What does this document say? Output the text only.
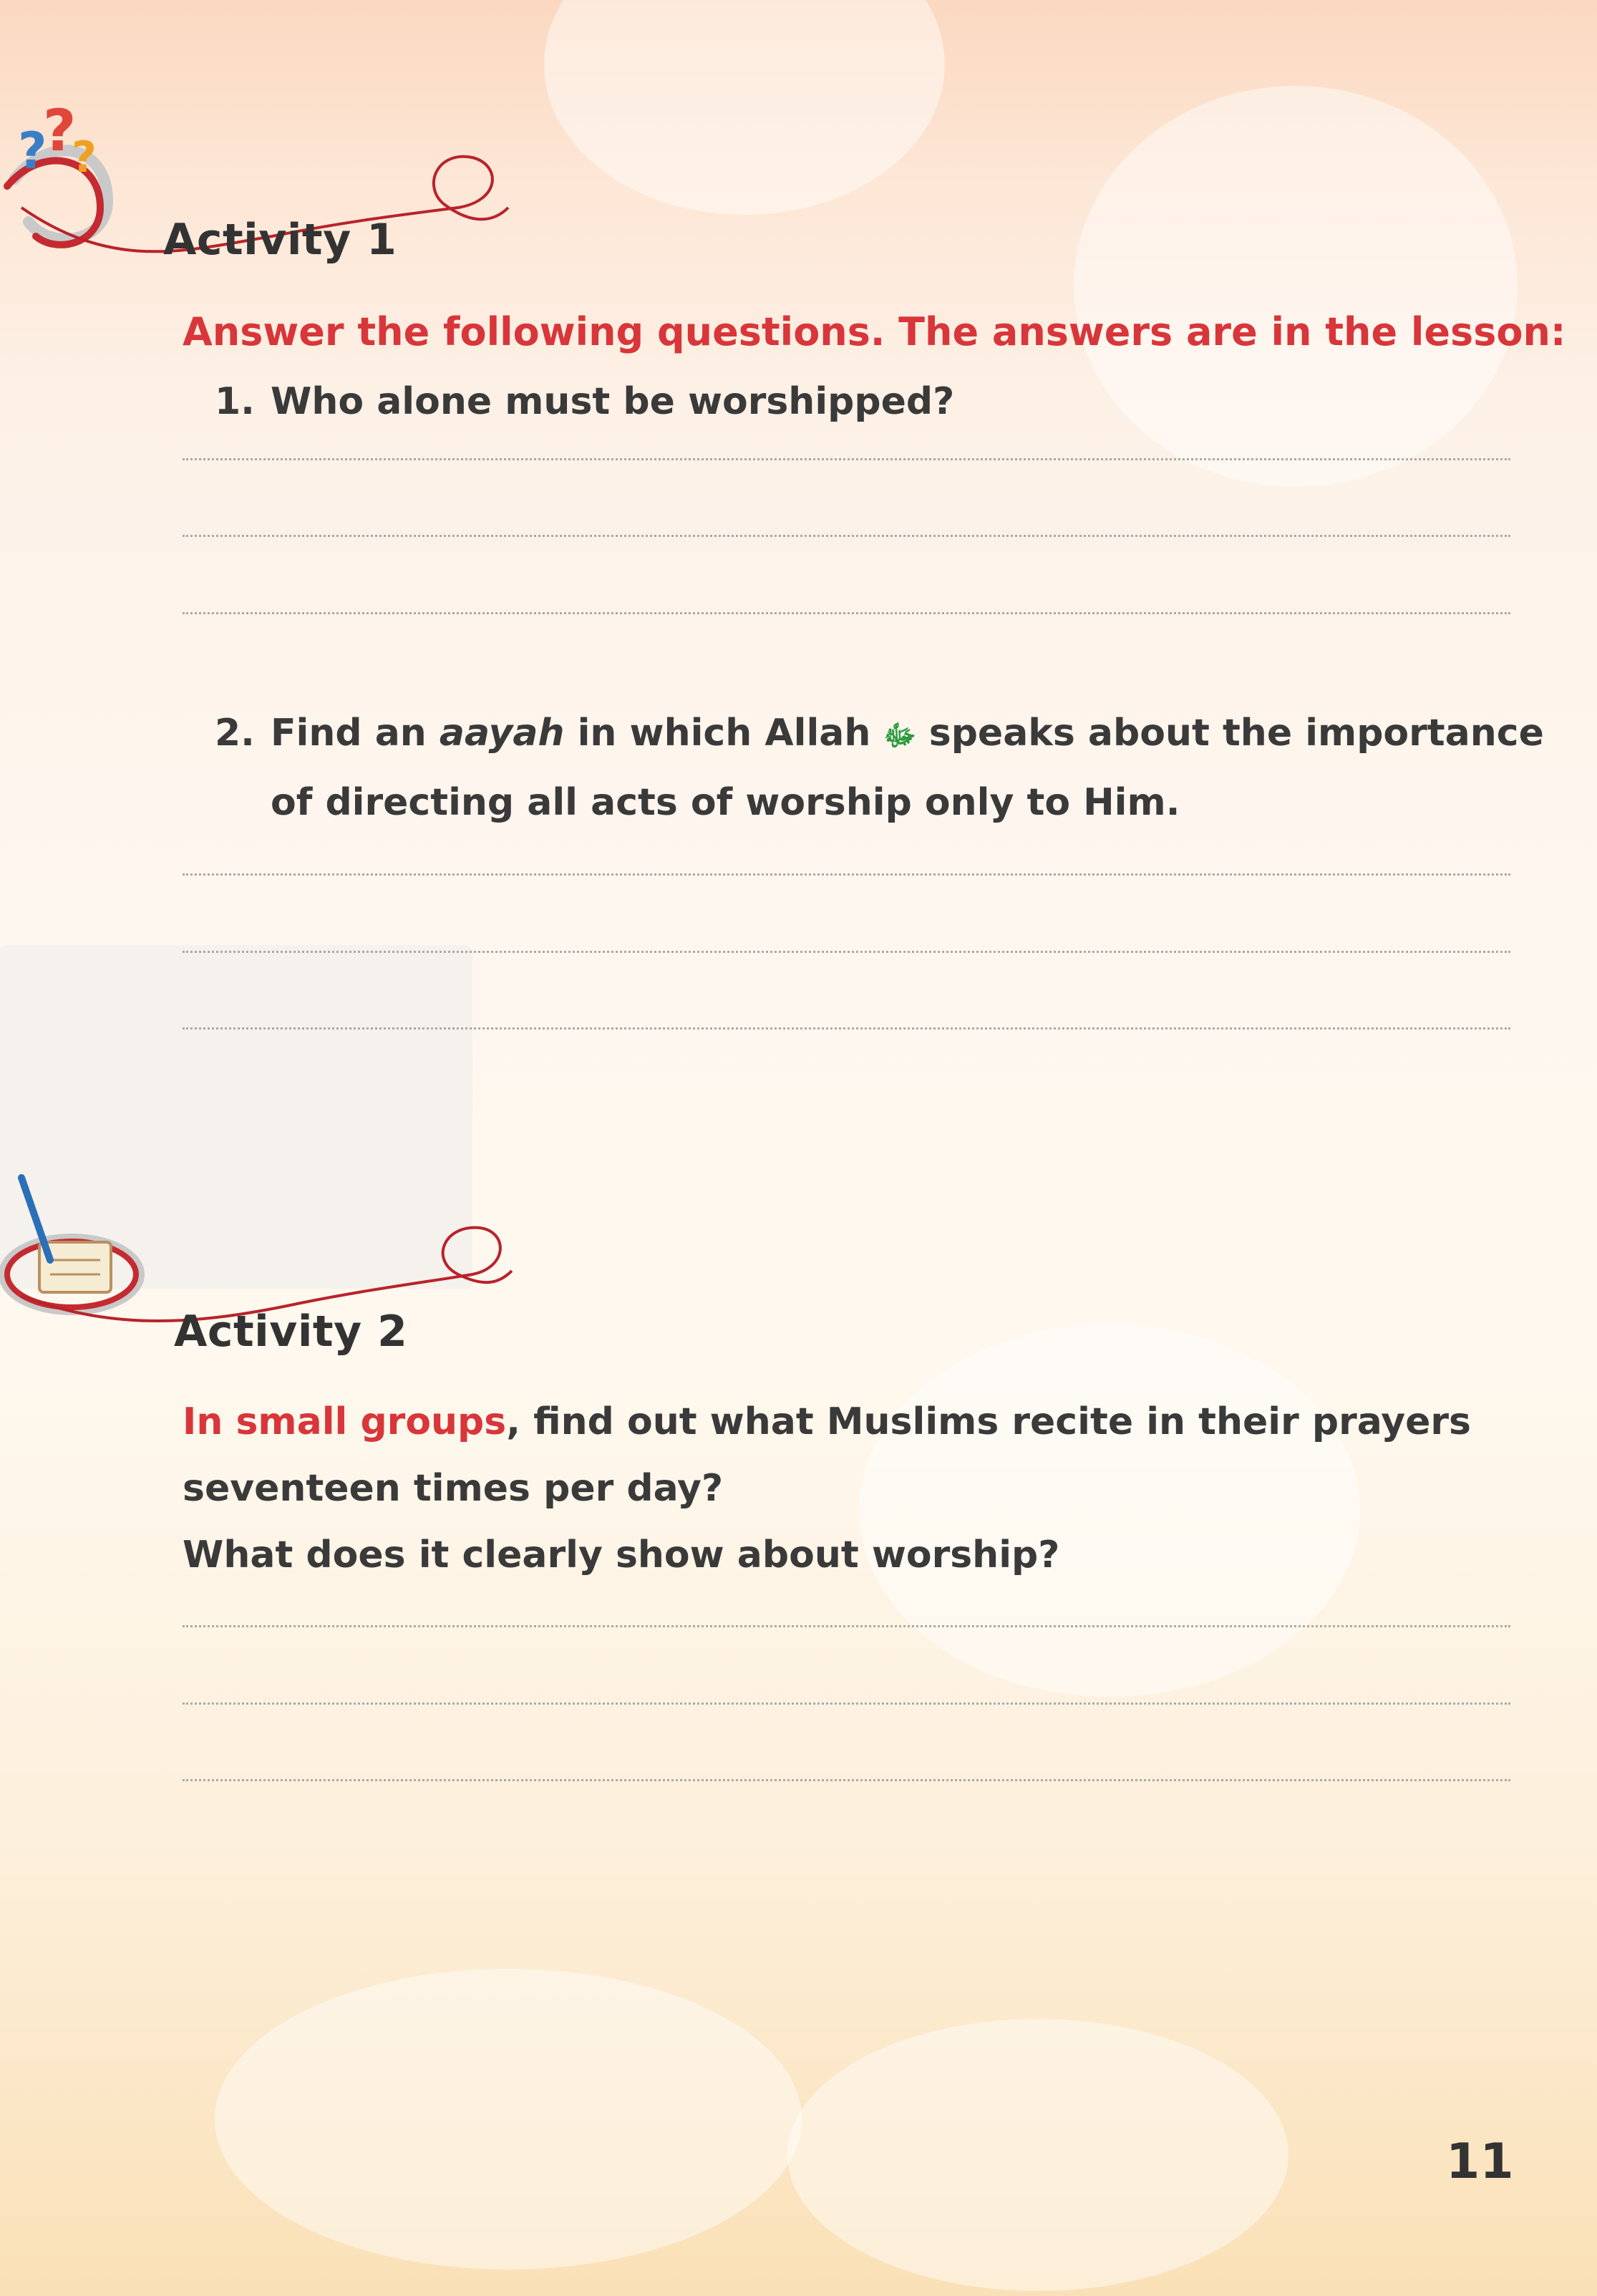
?
?
?
Activity 1
Answer the following questions. The answers are in the lesson:
1. Who alone must be worshipped?
2. Find an aayah in which Allah ﷻ speaks about the importance
of directing all acts of worship only to Him.
Activity 2
In small groups, find out what Muslims recite in their prayers
seventeen times per day?
What does it clearly show about worship?
11
